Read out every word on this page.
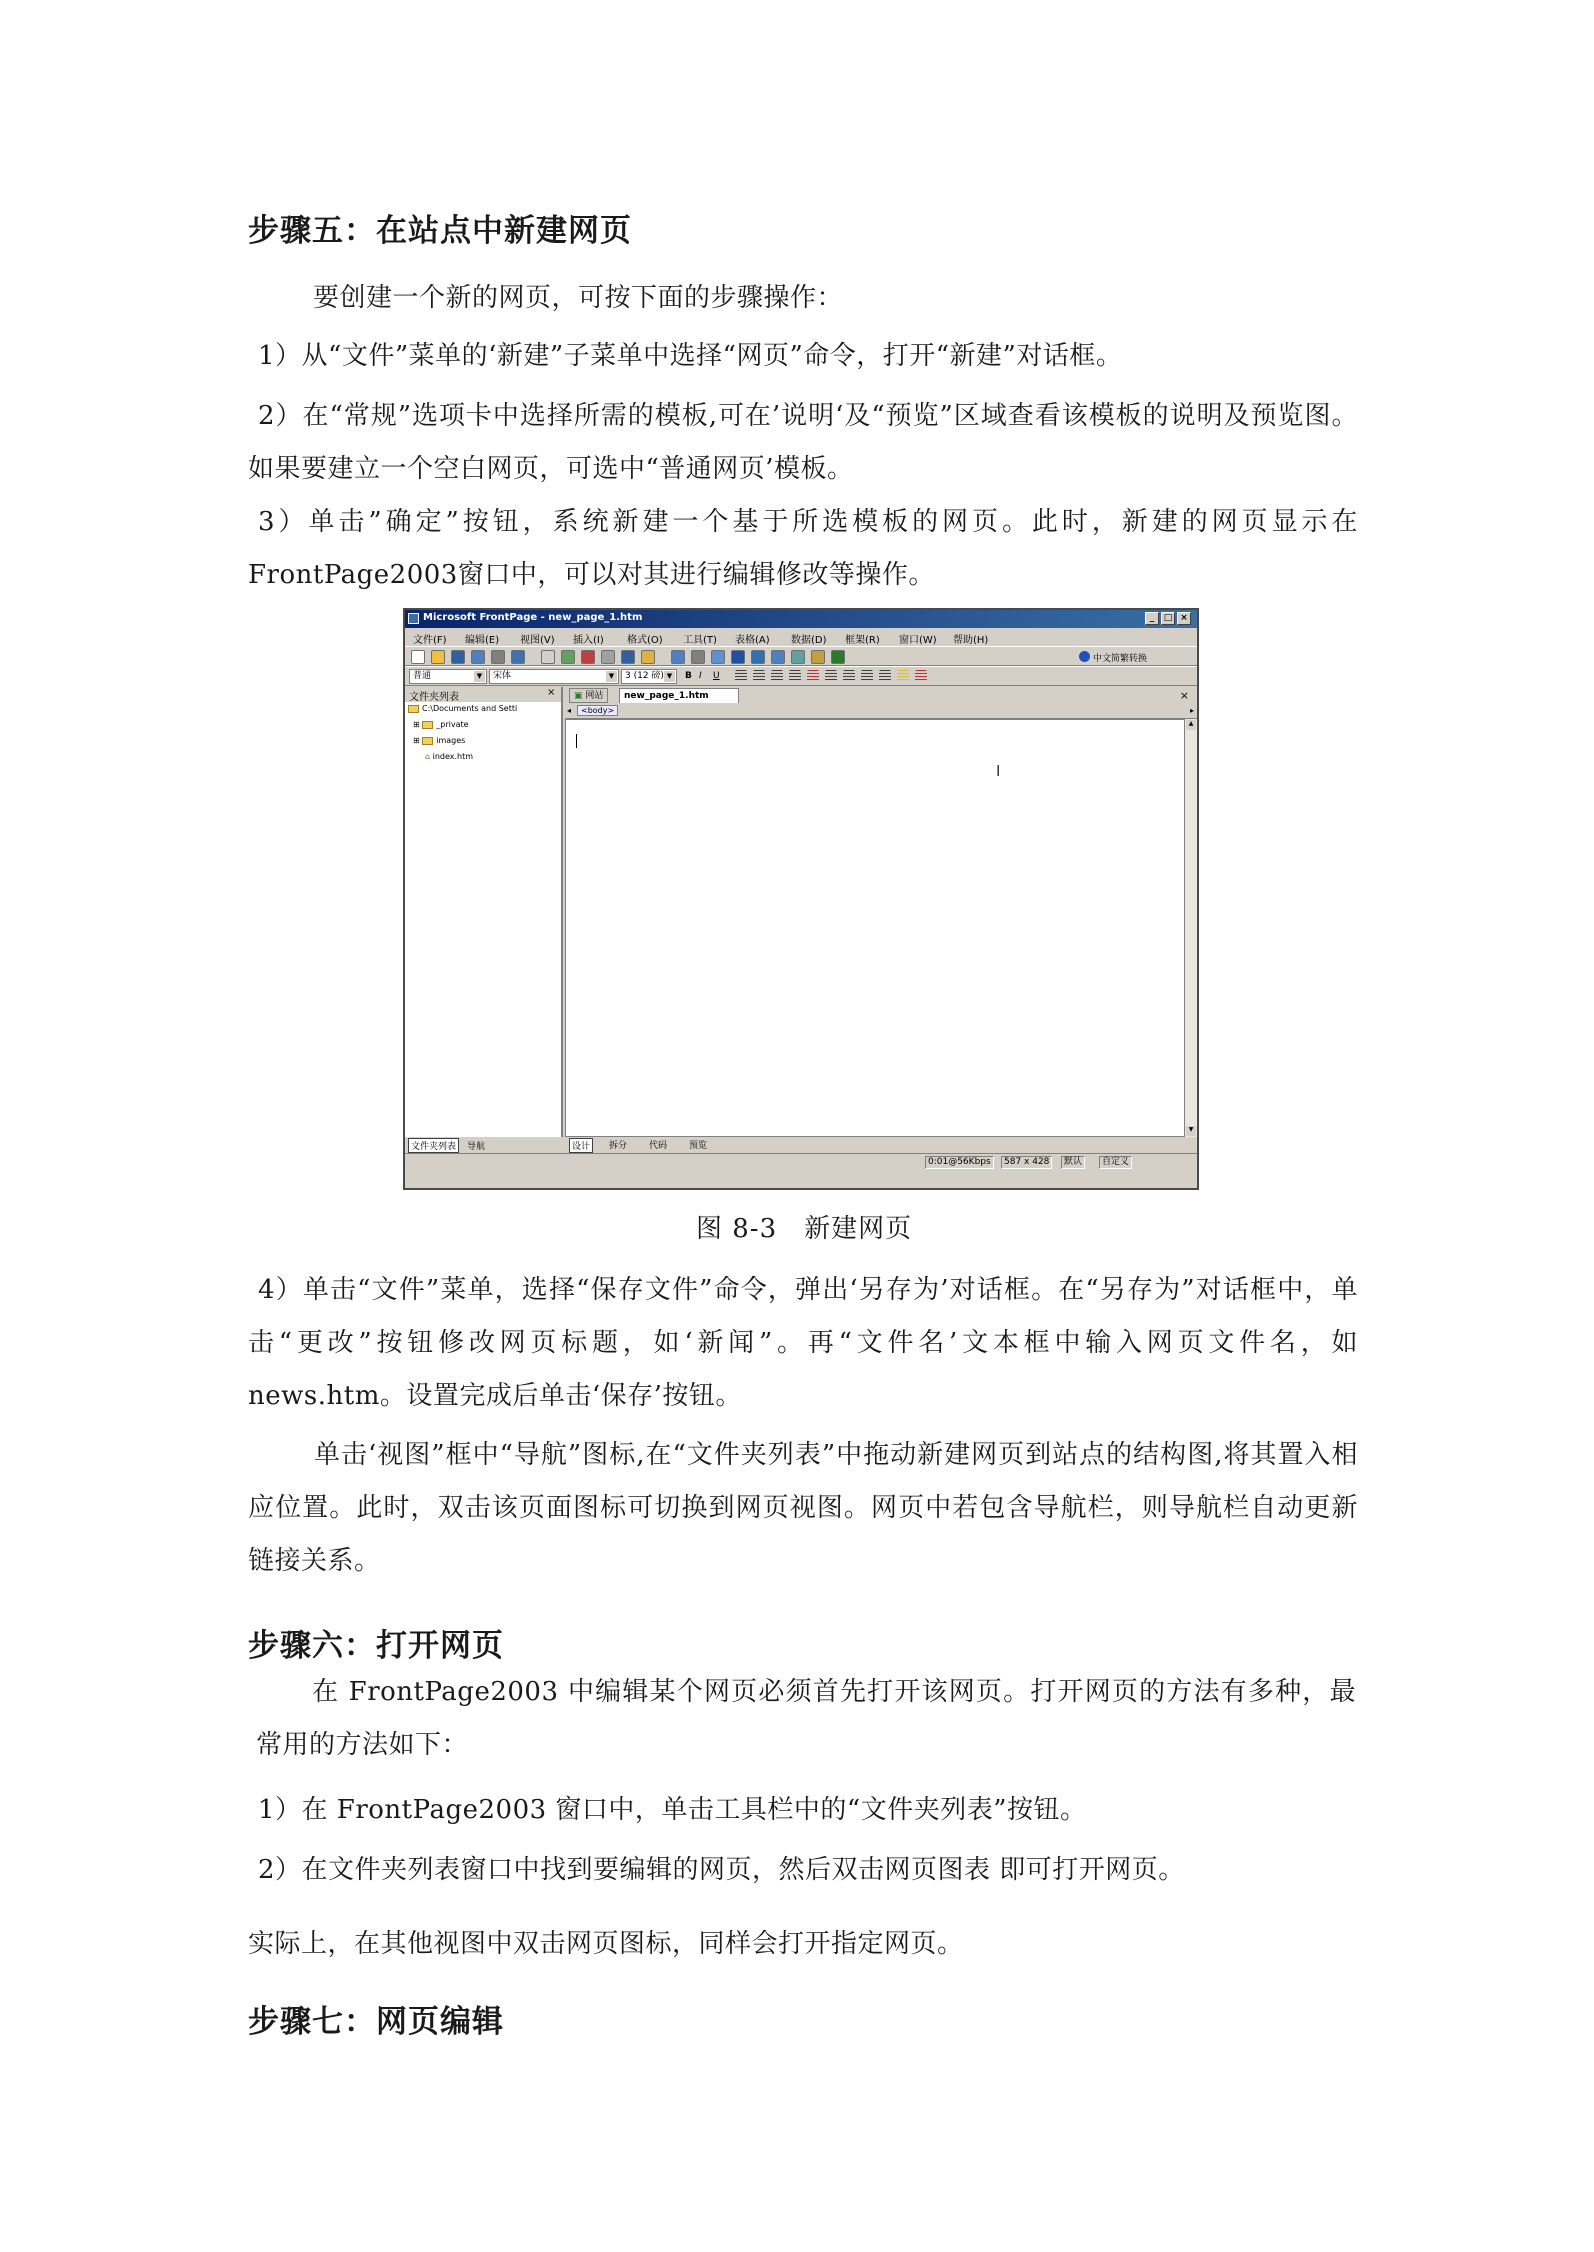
步骤五：在站点中新建网页

要创建一个新的网页，可按下面的步骤操作：

1）从“文件”菜单的‘新建”子菜单中选择“网页”命令，打开“新建”对话框。

2）在“常规”选项卡中选择所需的模板,可在’说明‘及“预览”区域查看该模板的说明及预览图。如果要建立一个空白网页，可选中“普通网页’模板。

3）单击”确定”按钮，系统新建一个基于所选模板的网页。此时，新建的网页显示在FrontPage2003窗口中，可以对其进行编辑修改等操作。

Microsoft FrontPage - new_page_1.htm	_	□ ×
文件(F) 编辑(E) 视图(V) 插入(I) 格式(O) 工具(T) 表格(A) 数据(D) 框架(R) 窗口(W) 帮助(H)
中文简繁转换
普通	▼	宋体	▼	3 (12 磅) ▼	B I U
文件夹列表	×
C:\Documents and Setti
⊞ _private
⊞ images
⌂ index.htm
▣ 网站	new_page_1.htm	×
◂	<body>	▸
I
▲
▼
文件夹列表	导航	设计	拆分 代码 预览
0:01@56Kbps	587 x 428	默认	自定义

图 8-3　新建网页

4）单击“文件”菜单，选择“保存文件”命令，弹出‘另存为’对话框。在“另存为”对话框中，单击“更改”按钮修改网页标题，如‘新闻”。再“文件名’文本框中输入网页文件名，如 news.htm。设置完成后单击‘保存’按钮。

单击‘视图”框中“导航”图标,在“文件夹列表”中拖动新建网页到站点的结构图,将其置入相应位置。此时，双击该页面图标可切换到网页视图。网页中若包含导航栏，则导航栏自动更新链接关系。

步骤六：打开网页

在 FrontPage2003 中编辑某个网页必须首先打开该网页。打开网页的方法有多种，最常用的方法如下：

1）在 FrontPage2003 窗口中，单击工具栏中的“文件夹列表”按钮。

2）在文件夹列表窗口中找到要编辑的网页，然后双击网页图表 即可打开网页。

实际上，在其他视图中双击网页图标，同样会打开指定网页。

步骤七：网页编辑
